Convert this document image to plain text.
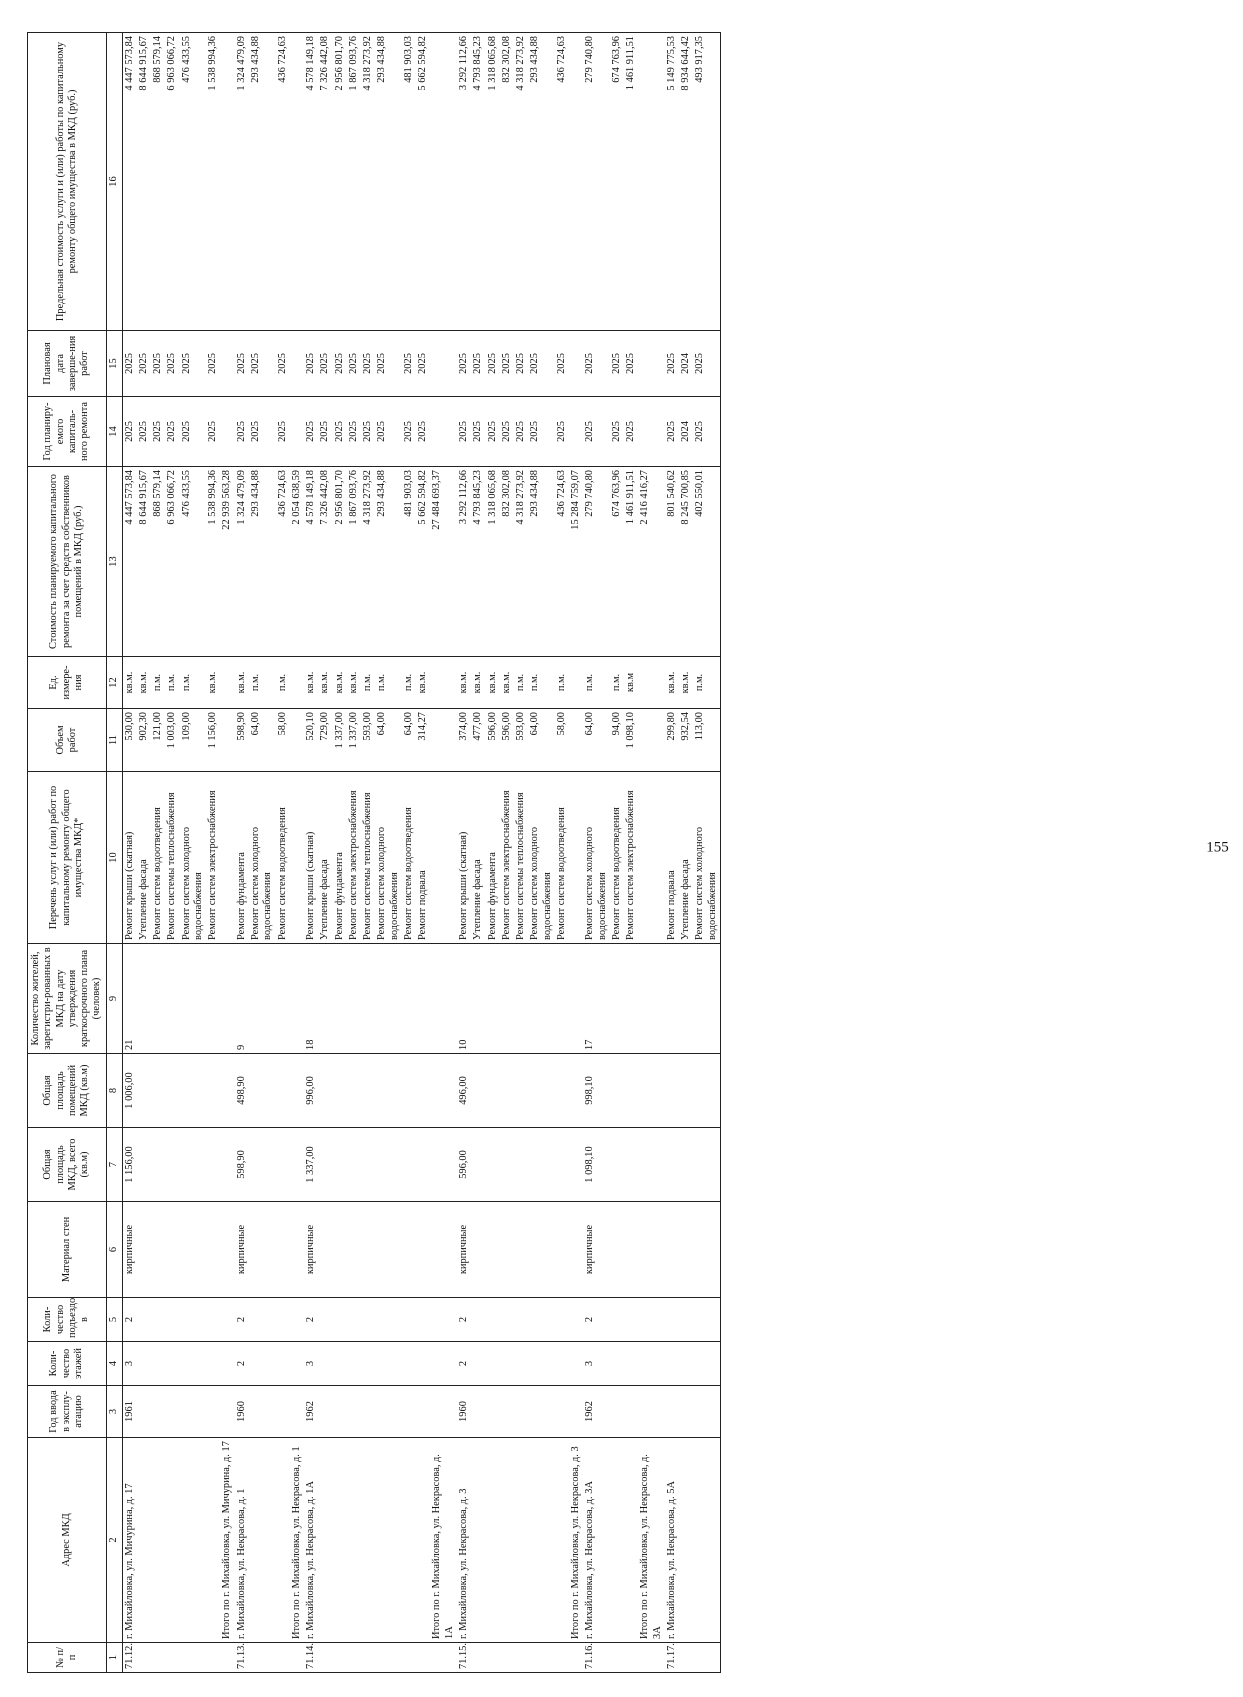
155
№ п/п	Адрес МКД	Год ввода в эксплу-атацию	Коли-чество этажей	Коли-чество подъездо в	Материал стен	Общая площадь МКД, всего (кв.м)	Общая площадь помещений МКД (кв.м)	Количество жителей, зарегистри-рованных в МКД на дату утверждения краткосрочного плана (человек)	Перечень услуг и (или) работ по капитальному ремонту общего имущества МКД*	Объем работ	Ед. измере-ния	Стоимость планируемого капитального ремонта за счет средств собственников помещений в МКД (руб.)	Год планиру-емого капиталь-ного ремонта	Плановая дата заверше-ния работ	Предельная стоимость услуги и (или) работы по капитальному ремонту общего имущества в МКД (руб.)
1	2	3	4	5	6	7	8	9	10	11	12	13	14	15	16
71.12.	г. Михайловка, ул. Мичурина, д. 17	1961	3	2	кирпичные	1 156,00	1 006,00	21	Ремонт крыши (скатная)	530,00	кв.м.	4 447 573,84	2025	2025	4 447 573,84
									Утепление фасада	902,30	кв.м.	8 644 915,67	2025	2025	8 644 915,67
									Ремонт систем водоотведения	121,00	п.м.	868 579,14	2025	2025	868 579,14
									Ремонт системы теплоснабжения	1 003,00	п.м.	6 963 066,72	2025	2025	6 963 066,72
									Ремонт систем холодного водоснабжения	109,00	п.м.	476 433,55	2025	2025	476 433,55
									Ремонт систем электроснабжения	1 156,00	кв.м.	1 538 994,36	2025	2025	1 538 994,36
	Итого по г. Михайловка, ул. Мичурина, д. 17											22 939 563,28			
71.13.	г. Михайловка, ул. Некрасова, д. 1	1960	2	2	кирпичные	598,90	498,90	9	Ремонт фундамента	598,90	кв.м.	1 324 479,09	2025	2025	1 324 479,09
									Ремонт систем холодного водоснабжения	64,00	п.м.	293 434,88	2025	2025	293 434,88
									Ремонт систем водоотведения	58,00	п.м.	436 724,63	2025	2025	436 724,63
	Итого по г. Михайловка, ул. Некрасова, д. 1											2 054 638,59			
71.14.	г. Михайловка, ул. Некрасова, д. 1А	1962	3	2	кирпичные	1 337,00	996,00	18	Ремонт крыши (скатная)	520,10	кв.м.	4 578 149,18	2025	2025	4 578 149,18
									Утепление фасада	729,00	кв.м.	7 326 442,08	2025	2025	7 326 442,08
									Ремонт фундамента	1 337,00	кв.м.	2 956 801,70	2025	2025	2 956 801,70
									Ремонт систем электроснабжения	1 337,00	кв.м.	1 867 093,76	2025	2025	1 867 093,76
									Ремонт системы теплоснабжения	593,00	п.м.	4 318 273,92	2025	2025	4 318 273,92
									Ремонт систем холодного водоснабжения	64,00	п.м.	293 434,88	2025	2025	293 434,88
									Ремонт систем водоотведения	64,00	п.м.	481 903,03	2025	2025	481 903,03
									Ремонт подвала	314,27	кв.м.	5 662 594,82	2025	2025	5 662 594,82
	Итого по г. Михайловка, ул. Некрасова, д. 1А											27 484 693,37			
71.15.	г. Михайловка, ул. Некрасова, д. 3	1960	2	2	кирпичные	596,00	496,00	10	Ремонт крыши (скатная)	374,00	кв.м.	3 292 112,66	2025	2025	3 292 112,66
									Утепление фасада	477,00	кв.м.	4 793 845,23	2025	2025	4 793 845,23
									Ремонт фундамента	596,00	кв.м.	1 318 065,68	2025	2025	1 318 065,68
									Ремонт систем электроснабжения	596,00	кв.м.	832 302,08	2025	2025	832 302,08
									Ремонт системы теплоснабжения	593,00	п.м.	4 318 273,92	2025	2025	4 318 273,92
									Ремонт систем холодного водоснабжения	64,00	п.м.	293 434,88	2025	2025	293 434,88
									Ремонт систем водоотведения	58,00	п.м.	436 724,63	2025	2025	436 724,63
	Итого по г. Михайловка, ул. Некрасова, д. 3											15 284 759,07			
71.16.	г. Михайловка, ул. Некрасова, д. 3А	1962	3	2	кирпичные	1 098,10	998,10	17	Ремонт систем холодного водоснабжения	64,00	п.м.	279 740,80	2025	2025	279 740,80
									Ремонт систем водоотведения	94,00	п.м.	674 763,96	2025	2025	674 763,96
									Ремонт систем электроснабжения	1 098,10	кв.м	1 461 911,51	2025	2025	1 461 911,51
	Итого по г. Михайловка, ул. Некрасова, д. 3А											2 416 416,27			
71.17.	г. Михайловка, ул. Некрасова, д. 5А								Ремонт подвала	299,80	кв.м.	801 540,62	2025	2025	5 149 775,53
									Утепление фасада	932,54	кв.м.	8 245 700,85	2024	2024	8 934 644,42
									Ремонт систем холодного водоснабжения	113,00	п.м.	402 550,01	2025	2025	493 917,35
